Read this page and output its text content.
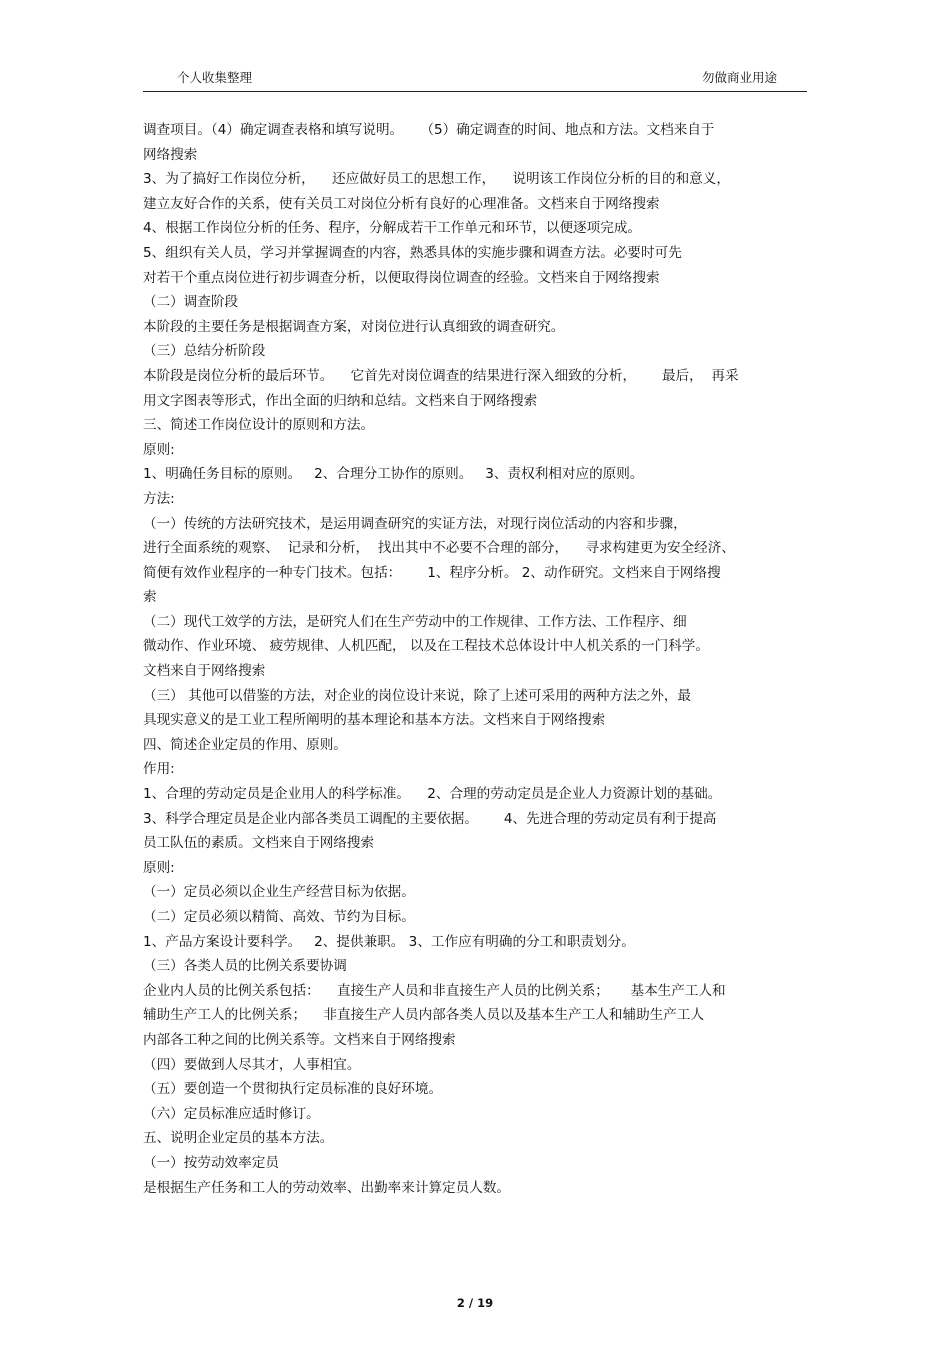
个人收集整理	勿做商业用途
调查项目。（4）确定调查表格和填写说明。    （5）确定调查的时间、地点和方法。文档来自于
网络搜索
3、为了搞好工作岗位分析，    还应做好员工的思想工作，    说明该工作岗位分析的目的和意义，
建立友好合作的关系，使有关员工对岗位分析有良好的心理准备。文档来自于网络搜索
4、根据工作岗位分析的任务、程序，分解成若干工作单元和环节，以便逐项完成。
5、组织有关人员，学习并掌握调查的内容，熟悉具体的实施步骤和调查方法。必要时可先
对若干个重点岗位进行初步调查分析，以便取得岗位调查的经验。文档来自于网络搜索
（二）调查阶段
本阶段的主要任务是根据调查方案，对岗位进行认真细致的调查研究。
（三）总结分析阶段
本阶段是岗位分析的最后环节。    它首先对岗位调查的结果进行深入细致的分析，      最后，  再采
用文字图表等形式，作出全面的归纳和总结。文档来自于网络搜索
三、简述工作岗位设计的原则和方法。
原则:
1、明确任务目标的原则。   2、合理分工协作的原则。   3、责权利相对应的原则。
方法:
（一）传统的方法研究技术，是运用调查研究的实证方法，对现行岗位活动的内容和步骤，
进行全面系统的观察、  记录和分析，  找出其中不必要不合理的部分，    寻求构建更为安全经济、
简便有效作业程序的一种专门技术。包括：      1、程序分析。 2、动作研究。文档来自于网络搜
索
（二）现代工效学的方法，是研究人们在生产劳动中的工作规律、工作方法、工作程序、细
微动作、作业环境、 疲劳规律、人机匹配， 以及在工程技术总体设计中人机关系的一门科学。
文档来自于网络搜索
（三） 其他可以借鉴的方法，对企业的岗位设计来说，除了上述可采用的两种方法之外，最
具现实意义的是工业工程所阐明的基本理论和基本方法。文档来自于网络搜索
四、简述企业定员的作用、原则。
作用:
1、合理的劳动定员是企业用人的科学标准。    2、合理的劳动定员是企业人力资源计划的基础。
3、科学合理定员是企业内部各类员工调配的主要依据。      4、先进合理的劳动定员有利于提高
员工队伍的素质。文档来自于网络搜索
原则:
（一）定员必须以企业生产经营目标为依据。
（二）定员必须以精简、高效、节约为目标。
1、产品方案设计要科学。   2、提供兼职。 3、工作应有明确的分工和职责划分。
（三）各类人员的比例关系要协调
企业内人员的比例关系包括：    直接生产人员和非直接生产人员的比例关系；     基本生产工人和
辅助生产工人的比例关系；    非直接生产人员内部各类人员以及基本生产工人和辅助生产工人
内部各工种之间的比例关系等。文档来自于网络搜索
（四）要做到人尽其才，人事相宜。
（五）要创造一个贯彻执行定员标准的良好环境。
（六）定员标准应适时修订。
五、说明企业定员的基本方法。
（一）按劳动效率定员
是根据生产任务和工人的劳动效率、出勤率来计算定员人数。
2 / 19
